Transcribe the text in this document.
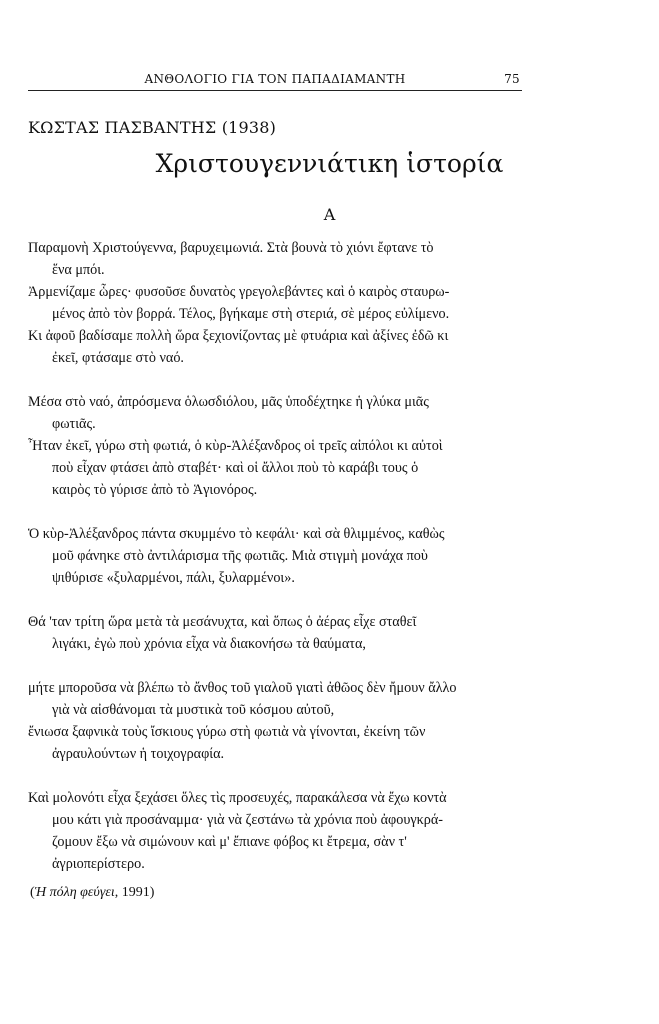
ΑΝΘΟΛΟΓΙΟ ΓΙΑ ΤΟΝ ΠΑΠΑΔΙΑΜΑΝΤΗ	75
ΚΩΣΤΑΣ ΠΑΣΒΑΝΤΗΣ (1938)
Χριστουγεννιάτικη ἱστορία
Α
Παραμονὴ Χριστούγεννα, βαρυχειμωνιά. Στὰ βουνὰ τὸ χιόνι ἔφτανε τὸ
ἕνα μπόι.
Ἀρμενίζαμε ὧρες· φυσοῦσε δυνατὸς γρεγολεβάντες καὶ ὁ καιρὸς σταυρω-
μένος ἀπὸ τὸν βορρά. Τέλος, βγήκαμε στὴ στεριά, σὲ μέρος εὐλίμενο.
Κι ἀφοῦ βαδίσαμε πολλὴ ὥρα ξεχιονίζοντας μὲ φτυάρια καὶ ἀξίνες ἐδῶ κι
ἐκεῖ, φτάσαμε στὸ ναό.
Μέσα στὸ ναό, ἀπρόσμενα ὁλωσδιόλου, μᾶς ὑποδέχτηκε ἡ γλύκα μιᾶς
φωτιᾶς.
Ἦταν ἐκεῖ, γύρω στὴ φωτιά, ὁ κὺρ-Ἀλέξανδρος οἱ τρεῖς αἰπόλοι κι αὐτοὶ
ποὺ εἶχαν φτάσει ἀπὸ σταβέτ· καὶ οἱ ἄλλοι ποὺ τὸ καράβι τους ὁ
καιρὸς τὸ γύρισε ἀπὸ τὸ Ἁγιονόρος.
Ὁ κὺρ-Ἀλέξανδρος πάντα σκυμμένο τὸ κεφάλι· καὶ σὰ θλιμμένος, καθὼς
μοῦ φάνηκε στὸ ἀντιλάρισμα τῆς φωτιᾶς. Μιὰ στιγμὴ μονάχα ποὺ
ψιθύρισε «ξυλαρμένοι, πάλι, ξυλαρμένοι».
Θά 'ταν τρίτη ὥρα μετὰ τὰ μεσάνυχτα, καὶ ὅπως ὁ ἀέρας εἶχε σταθεῖ
λιγάκι, ἐγὼ ποὺ χρόνια εἶχα νὰ διακονήσω τὰ θαύματα,
μήτε μποροῦσα νὰ βλέπω τὸ ἄνθος τοῦ γιαλοῦ γιατὶ ἀθῶος δὲν ἤμουν ἄλλο
γιὰ νὰ αἰσθάνομαι τὰ μυστικὰ τοῦ κόσμου αὐτοῦ,
ἔνιωσα ξαφνικὰ τοὺς ἴσκιους γύρω στὴ φωτιὰ νὰ γίνονται, ἐκείνη τῶν
ἀγραυλούντων ἡ τοιχογραφία.
Καὶ μολονότι εἶχα ξεχάσει ὅλες τὶς προσευχές, παρακάλεσα νὰ ἔχω κοντὰ
μου κάτι γιὰ προσάναμμα· γιὰ νὰ ζεστάνω τὰ χρόνια ποὺ ἀφουγκρά-
ζομουν ἔξω νὰ σιμώνουν καὶ μ' ἔπιανε φόβος κι ἔτρεμα, σὰν τ'
ἀγριοπερίστερο.
(Ἡ πόλη φεύγει, 1991)
